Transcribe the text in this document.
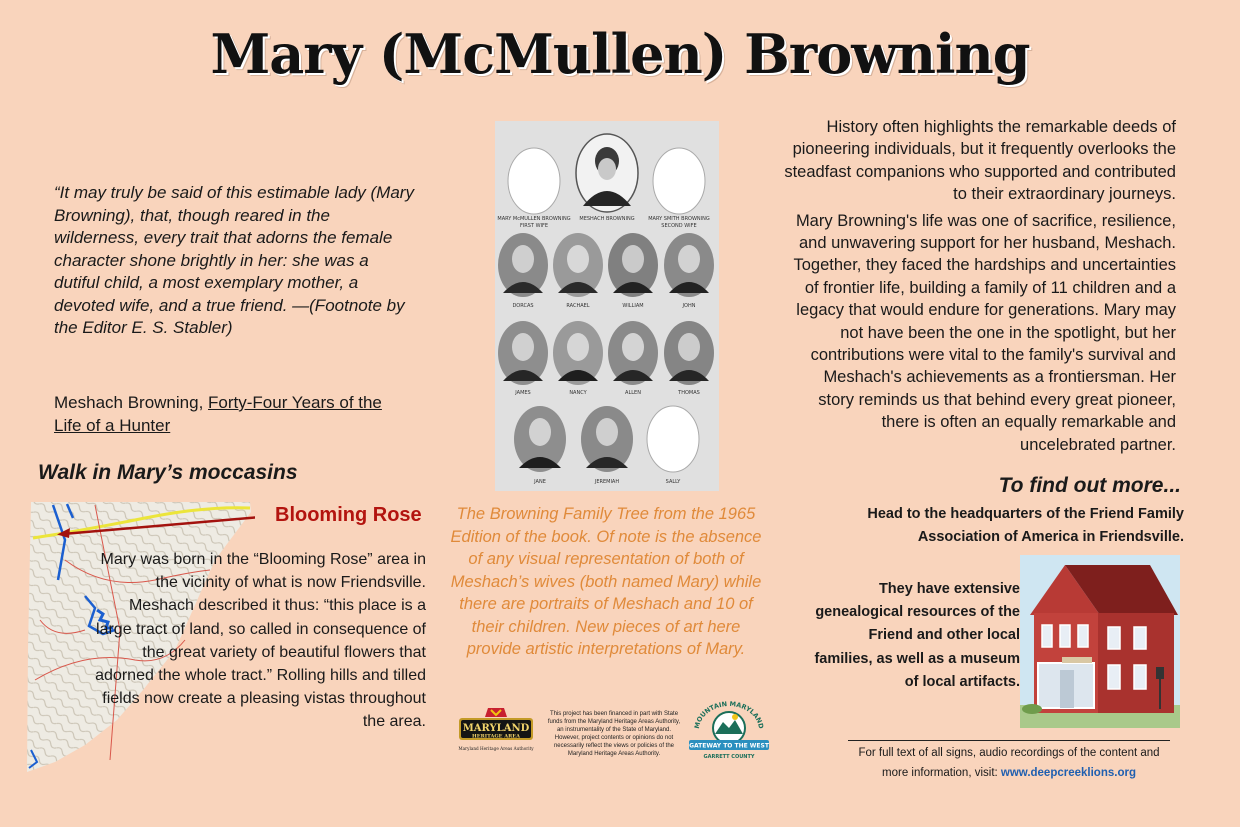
Mary (McMullen) Browning
“It may truly be said of this estimable lady (Mary Browning), that, though reared in the wilderness, every trait that adorns the female character shone brightly in her: she was a dutiful child, a most exemplary mother, a devoted wife, and a true friend. —(Footnote by the Editor E. S. Stabler)
Meshach Browning, Forty-Four Years of the Life of a Hunter
Walk in Mary’s moccasins
Blooming Rose
Mary was born in the “Blooming Rose” area in the vicinity of what is now Friendsville. Meshach described it thus: “this place is a large tract of land, so called in consequence of the great variety of beautiful flowers that adorned the whole tract.” Rolling hills and tilled fields now create a pleasing vistas throughout the area.
MARY McMULLEN BROWNING
FIRST WIFE
MESHACH BROWNING	MARY SMITH BROWNING
SECOND WIFE
DORCAS	RACHAEL	WILLIAM	JOHN
JAMES	NANCY	ALLEN	THOMAS
JANE	JEREMIAH	SALLY
The Browning Family Tree from the 1965 Edition of the book. Of note is the absence of any visual representation of both of Meshach’s wives (both named Mary) while there are portraits of Meshach and 10 of their children. New pieces of art here provide artistic interpretations of Mary.
MARYLAND
HERITAGE AREA
Maryland Heritage Areas Authority
This project has been financed in part with State funds from the Maryland Heritage Areas Authority, an instrumentality of the State of Maryland. However, project contents or opinions do not necessarily reflect the views or policies of the Maryland Heritage Areas Authority.
MOUNTAIN MARYLAND
GATEWAY TO THE WEST
GARRETT COUNTY

History often highlights the remarkable deeds of pioneering individuals, but it frequently overlooks the steadfast companions who supported and contributed to their extraordinary journeys.

Mary Browning's life was one of sacrifice, resilience, and unwavering support for her husband, Meshach. Together, they faced the hardships and uncertainties of frontier life, building a family of 11 children and a legacy that would endure for generations. Mary may not have been the one in the spotlight, but her contributions were vital to the family's survival and Meshach's achievements as a frontiersman. Her story reminds us that behind every great pioneer, there is often an equally remarkable and uncelebrated partner.

To find out more...
Head to the headquarters of the Friend Family Association of America in Friendsville.
They have extensive genealogical resources of the Friend and other local families, as well as a museum of local artifacts.
For full text of all signs, audio recordings of the content and more information, visit: www.deepcreeklions.org
